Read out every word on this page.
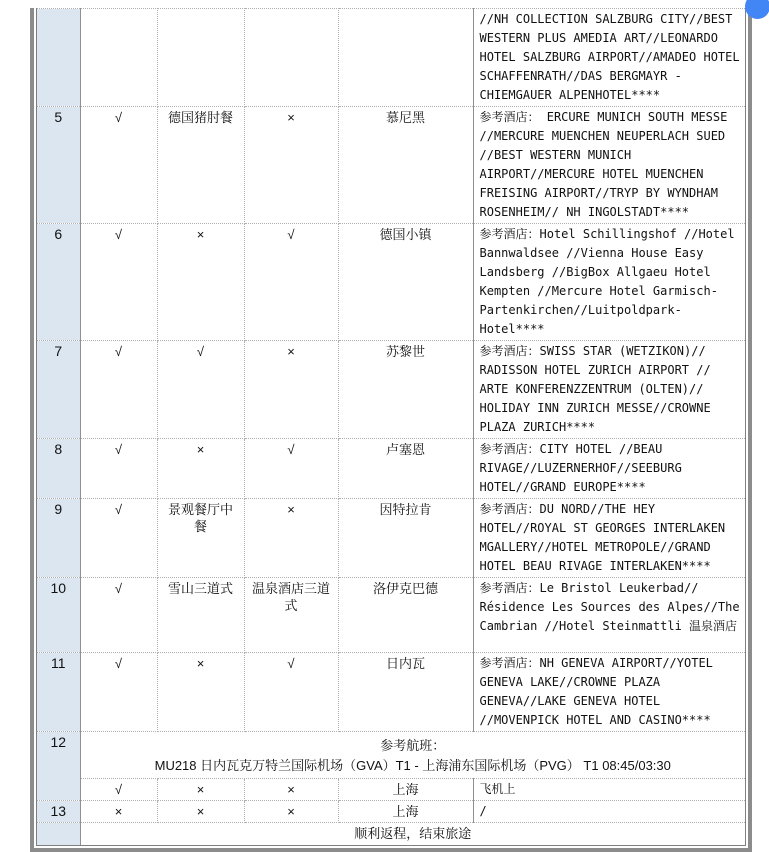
					//NH COLLECTION SALZBURG CITY//BEST WESTERN PLUS AMEDIA ART//LEONARDO HOTEL SALZBURG AIRPORT//AMADEO HOTEL SCHAFFENRATH//DAS BERGMAYR - CHIEMGAUER ALPENHOTEL****
5	√	德国猪肘餐	×	慕尼黑	参考酒店： ERCURE MUNICH SOUTH MESSE //MERCURE MUENCHEN NEUPERLACH SUED //BEST WESTERN MUNICH AIRPORT//MERCURE HOTEL MUENCHEN FREISING AIRPORT//TRYP BY WYNDHAM ROSENHEIM// NH INGOLSTADT****
6	√	×	√	德国小镇	参考酒店：Hotel Schillingshof //Hotel Bannwaldsee //Vienna House Easy Landsberg //BigBox Allgaeu Hotel Kempten //Mercure Hotel Garmisch-Partenkirchen//Luitpoldpark-Hotel****
7	√	√	×	苏黎世	参考酒店：SWISS STAR (WETZIKON)// RADISSON HOTEL ZURICH AIRPORT // ARTE KONFERENZZENTRUM (OLTEN)// HOLIDAY INN ZURICH MESSE//CROWNE PLAZA ZURICH****
8	√	×	√	卢塞恩	参考酒店：CITY HOTEL //BEAU RIVAGE//LUZERNERHOF//SEEBURG HOTEL//GRAND EUROPE****
9	√	景观餐厅中餐	×	因特拉肯	参考酒店：DU NORD//THE HEY HOTEL//ROYAL ST GEORGES INTERLAKEN MGALLERY//HOTEL METROPOLE//GRAND HOTEL BEAU RIVAGE INTERLAKEN****
10	√	雪山三道式	温泉酒店三道式	洛伊克巴德	参考酒店：Le Bristol Leukerbad// Résidence Les Sources des Alpes//The Cambrian //Hotel Steinmattli 温泉酒店
11	√	×	√	日内瓦	参考酒店：NH GENEVA AIRPORT//YOTEL GENEVA LAKE//CROWNE PLAZA GENEVA//LAKE GENEVA HOTEL //MOVENPICK HOTEL AND CASINO****
12	参考航班：
MU218 日内瓦克万特兰国际机场（GVA）T1 - 上海浦东国际机场（PVG） T1 08:45/03:30				

	√	×	×	上海	飞机上
13	×	×	×	上海	/

	顺利返程，结束旅途				
